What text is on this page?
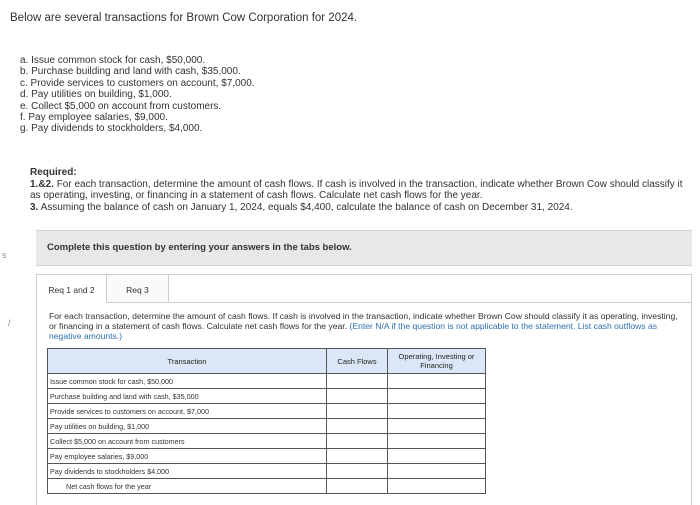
Below are several transactions for Brown Cow Corporation for 2024.
a. Issue common stock for cash, $50,000.
b. Purchase building and land with cash, $35,000.
c. Provide services to customers on account, $7,000.
d. Pay utilities on building, $1,000.
e. Collect $5,000 on account from customers.
f. Pay employee salaries, $9,000.
g. Pay dividends to stockholders, $4,000.
Required:
1.&2. For each transaction, determine the amount of cash flows. If cash is involved in the transaction, indicate whether Brown Cow should classify it as operating, investing, or financing in a statement of cash flows. Calculate net cash flows for the year.
3. Assuming the balance of cash on January 1, 2024, equals $4,400, calculate the balance of cash on December 31, 2024.
s
/
Complete this question by entering your answers in the tabs below.
Req 1 and 2	Req 3
For each transaction, determine the amount of cash flows. If cash is involved in the transaction, indicate whether Brown Cow should classify it as operating, investing, or financing in a statement of cash flows. Calculate net cash flows for the year. (Enter N/A if the question is not applicable to the statement. List cash outflows as negative amounts.)
Transaction	Cash Flows	Operating, Investing or Financing
Issue common stock for cash, $50,000		
Purchase building and land with cash, $35,000		
Provide services to customers on account, $7,000		
Pay utilities on building, $1,000		
Collect $5,000 on account from customers		
Pay employee salaries, $9,000		
Pay dividends to stockholders $4,000		
Net cash flows for the year		
